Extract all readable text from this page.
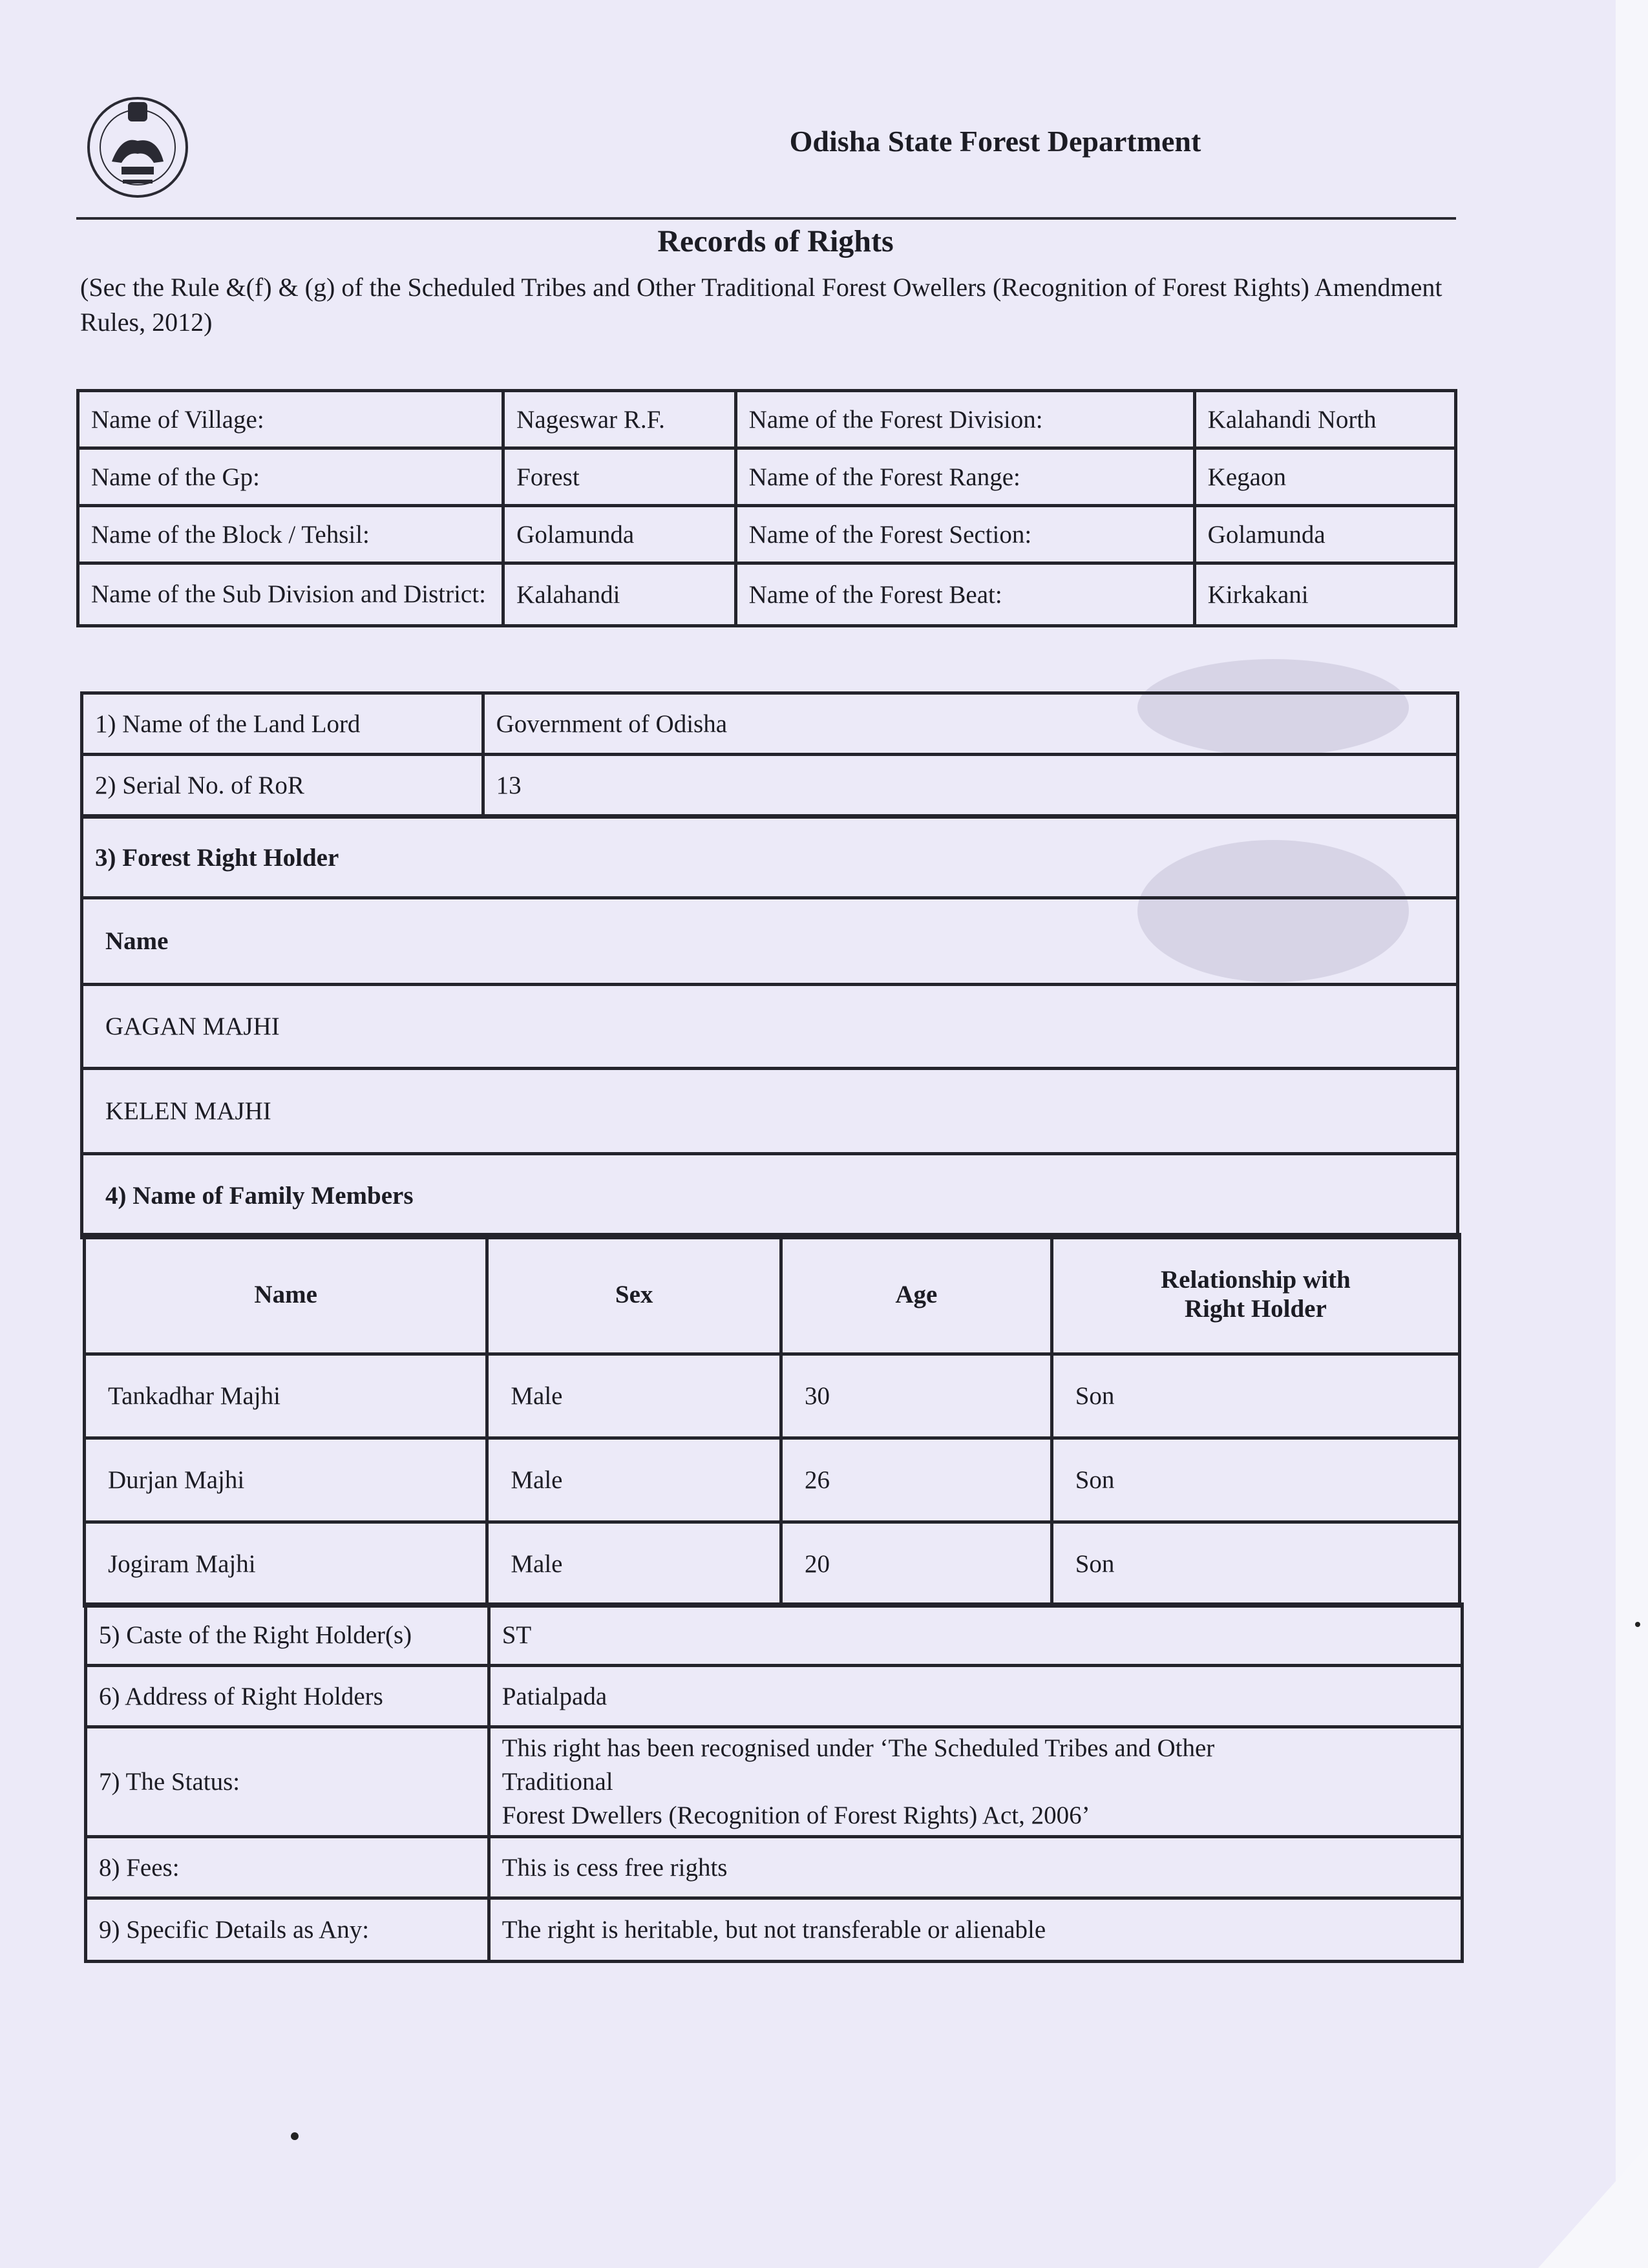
Odisha State Forest Department
Records of Rights
(Sec the Rule &(f) & (g) of the Scheduled Tribes and Other Traditional Forest Owellers (Recognition of Forest Rights) Amendment Rules, 2012)
Name of Village:	Nageswar R.F.	Name of the Forest Division:	Kalahandi North
Name of the Gp:	Forest	Name of the Forest Range:	Kegaon
Name of the Block / Tehsil:	Golamunda	Name of the Forest Section:	Golamunda
Name of the Sub Division and District:	Kalahandi	Name of the Forest Beat:	Kirkakani
1) Name of the Land Lord	Government of Odisha
2) Serial No. of RoR	13
3) Forest Right Holder
Name
GAGAN MAJHI
KELEN MAJHI
4) Name of Family Members
Name	Sex	Age	Relationship with Right Holder
Tankadhar Majhi	Male	30	Son
Durjan Majhi	Male	26	Son
Jogiram Majhi	Male	20	Son
5) Caste of the Right Holder(s)	ST
6) Address of Right Holders	Patialpada
7) The Status:	This right has been recognised under ‘The Scheduled Tribes and Other
Traditional
Forest Dwellers (Recognition of Forest Rights) Act, 2006’

8) Fees:	This is cess free rights
9) Specific Details as Any:	The right is heritable, but not transferable or alienable
